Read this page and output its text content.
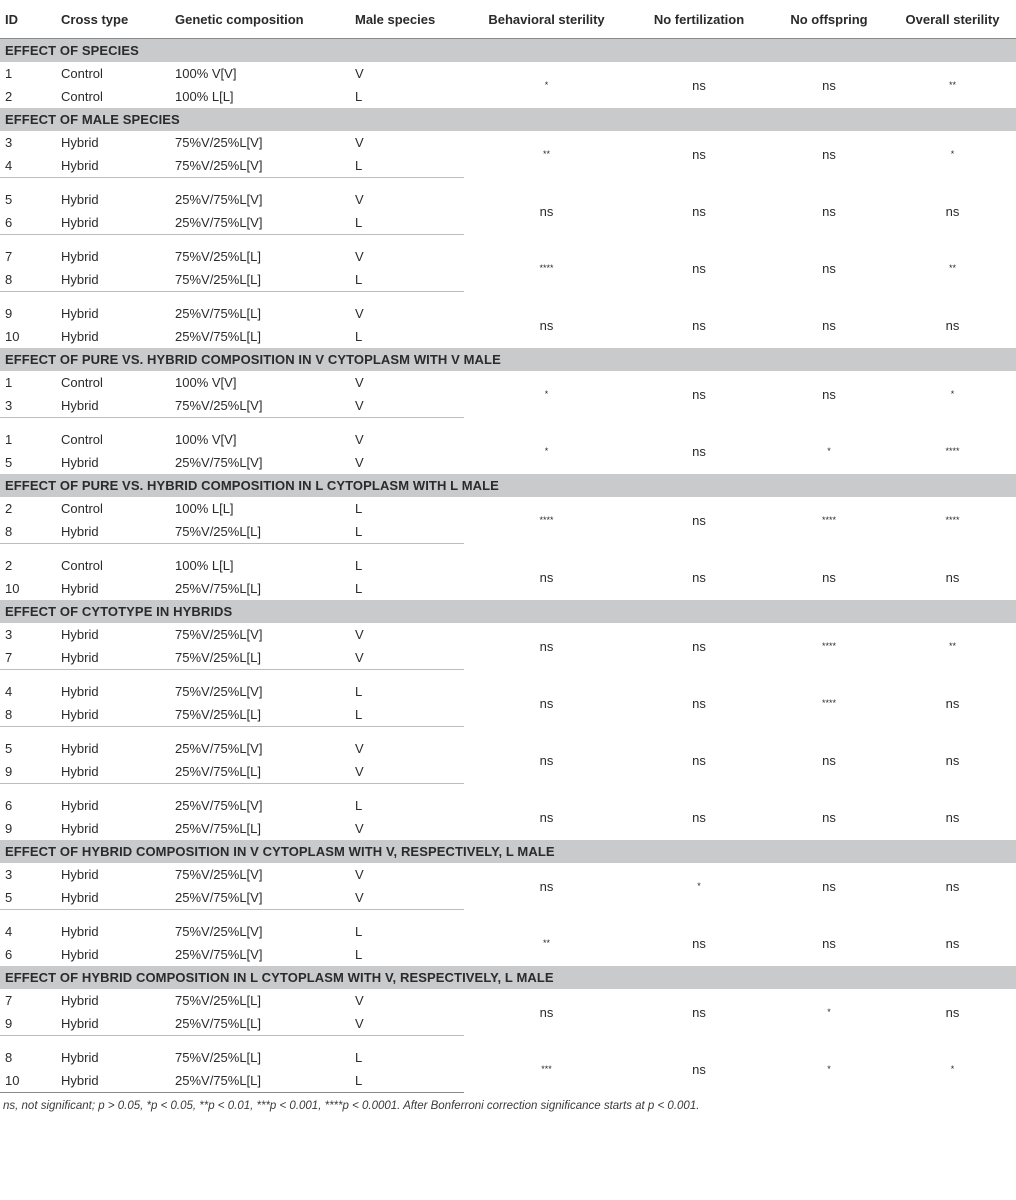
ID	Cross type	Genetic composition	Male species	Behavioral sterility	No fertilization	No offspring	Overall sterility
EFFECT OF SPECIES							
1	Control	100% V[V]	V	*	ns	ns	**
2	Control	100% L[L]	L				
EFFECT OF MALE SPECIES							
3	Hybrid	75%V/25%L[V]	V	**	ns	ns	*
4	Hybrid	75%V/25%L[V]	L				

5	Hybrid	25%V/75%L[V]	V	ns	ns	ns	ns
6	Hybrid	25%V/75%L[V]	L				

7	Hybrid	75%V/25%L[L]	V	****	ns	ns	**
8	Hybrid	75%V/25%L[L]	L				

9	Hybrid	25%V/75%L[L]	V	ns	ns	ns	ns
10	Hybrid	25%V/75%L[L]	L				
EFFECT OF PURE VS. HYBRID COMPOSITION IN V CYTOPLASM WITH V MALE							
1	Control	100% V[V]	V	*	ns	ns	*
3	Hybrid	75%V/25%L[V]	V				

1	Control	100% V[V]	V	*	ns	*	****
5	Hybrid	25%V/75%L[V]	V				
EFFECT OF PURE VS. HYBRID COMPOSITION IN L CYTOPLASM WITH L MALE							
2	Control	100% L[L]	L	****	ns	****	****
8	Hybrid	75%V/25%L[L]	L				

2	Control	100% L[L]	L	ns	ns	ns	ns
10	Hybrid	25%V/75%L[L]	L				
EFFECT OF CYTOTYPE IN HYBRIDS							
3	Hybrid	75%V/25%L[V]	V	ns	ns	****	**
7	Hybrid	75%V/25%L[L]	V				

4	Hybrid	75%V/25%L[V]	L	ns	ns	****	ns
8	Hybrid	75%V/25%L[L]	L				

5	Hybrid	25%V/75%L[V]	V	ns	ns	ns	ns
9	Hybrid	25%V/75%L[L]	V				

6	Hybrid	25%V/75%L[V]	L	ns	ns	ns	ns
9	Hybrid	25%V/75%L[L]	V				
EFFECT OF HYBRID COMPOSITION IN V CYTOPLASM WITH V, RESPECTIVELY, L MALE							
3	Hybrid	75%V/25%L[V]	V	ns	*	ns	ns
5	Hybrid	25%V/75%L[V]	V				

4	Hybrid	75%V/25%L[V]	L	**	ns	ns	ns
6	Hybrid	25%V/75%L[V]	L				
EFFECT OF HYBRID COMPOSITION IN L CYTOPLASM WITH V, RESPECTIVELY, L MALE							
7	Hybrid	75%V/25%L[L]	V	ns	ns	*	ns
9	Hybrid	25%V/75%L[L]	V				

8	Hybrid	75%V/25%L[L]	L	***	ns	*	*
10	Hybrid	25%V/75%L[L]	L				
ns, not significant; p > 0.05, *p < 0.05, **p < 0.01, ***p < 0.001, ****p < 0.0001. After Bonferroni correction significance starts at p < 0.001.
